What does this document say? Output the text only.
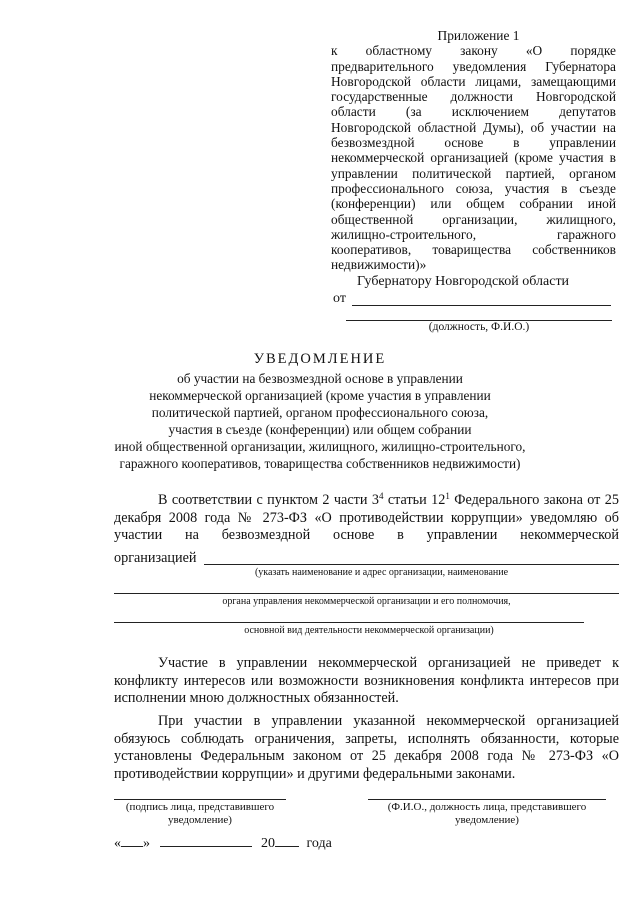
Приложение 1
к областному закону «О порядке предварительного уведомления Губернатора Новгородской области лицами, замещающими государственные должности Новгородской области (за исключением депутатов Новгородской областной Думы), об участии на безвозмездной основе в управлении некоммерческой организацией (кроме участия в управлении политической партией, органом профессионального союза, участия в съезде (конференции) или общем собрании иной общественной организации, жилищного, жилищно-строительного, гаражного кооперативов, товарищества собственников недвижимости)»
Губернатору Новгородской области
от
(должность, Ф.И.О.)
УВЕДОМЛЕНИЕ
об участии на безвозмездной основе в управлении
некоммерческой организацией (кроме участия в управлении
политической партией, органом профессионального союза,
участия в съезде (конференции) или общем собрании
иной общественной организации, жилищного, жилищно-строительного,
гаражного кооперативов, товарищества собственников недвижимости)
В соответствии с пунктом 2 части $3^4$ статьи $12^1$ Федерального закона от 25 декабря 2008 года № 273-ФЗ «О противодействии коррупции» уведомляю об участии на безвозмездной основе в управлении некоммерческой
организацией
(указать наименование и адрес организации, наименование
органа управления некоммерческой организации и его полномочия,
основной вид деятельности некоммерческой организации)
Участие в управлении некоммерческой организацией не приведет к конфликту интересов или возможности возникновения конфликта интересов при исполнении мною должностных обязанностей.
При участии в управлении указанной некоммерческой организацией обязуюсь соблюдать ограничения, запреты, исполнять обязанности, которые установлены Федеральным законом от 25 декабря 2008 года № 273-ФЗ «О противодействии коррупции» и другими федеральными законами.
(подпись лица, представившего уведомление)
(Ф.И.О., должность лица, представившего уведомление)
« »	20 года
